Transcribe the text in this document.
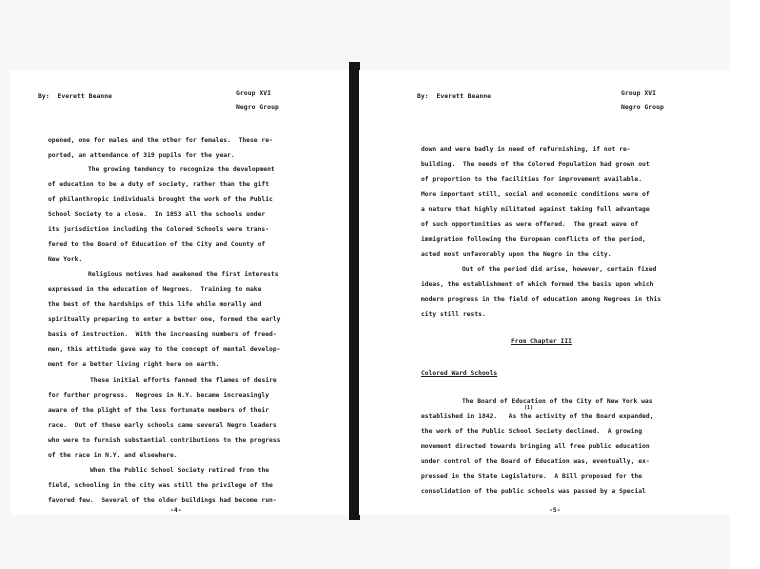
By:  Everett Beanne	Group XVI
Negro Group
opened, one for males and the other for females.  These re-
ported, an attendance of 319 pupils for the year.
The growing tendency to recognize the development
of education to be a duty of society, rather than the gift
of philanthropic individuals brought the work of the Public
School Society to a close.  In 1853 all the schools under
its jurisdiction including the Colored Schools were trans-
fered to the Board of Education of the City and County of
New York.
Religious motives had awakened the first interests
expressed in the education of Negroes.  Training to make
the best of the hardships of this life while morally and
spiritually preparing to enter a better one, formed the early
basis of instruction.  With the increasing numbers of freed-
men, this attitude gave way to the concept of mental develop-
ment for a better living right here on earth.
These initial efforts fanned the flames of desire
for further progress.  Negroes in N.Y. became increasingly
aware of the plight of the less fortunate members of their
race.  Out of these early schools came several Negro leaders
who were to furnish substantial contributions to the progress
of the race in N.Y. and elsewhere.
When the Public School Society retired from the
field, schooling in the city was still the privilege of the
favored few.  Several of the older buildings had become run-
-4-
By:  Everett Beanne	Group XVI
Negro Group
down and were badly in need of refurnishing, if not re-
building.  The needs of the Colored Population had grown out
of proportion to the facilities for improvement available.
More important still, social and economic conditions were of
a nature that highly militated against taking full advantage
of such opportunities as were offered.  The great wave of
immigration following the European conflicts of the period,
acted most unfavorably upon the Negro in the city.
Out of the period did arise, however, certain fixed
ideas, the establishment of which formed the basis upon which
modern progress in the field of education among Negroes in this
city still rests.
From Chapter III
Colored Ward Schools
The Board of Education of the City of New York was
(1)
established in 1842.   As the activity of the Board expanded,
the work of the Public School Society declined.  A growing
movement directed towards bringing all free public education
under control of the Board of Education was, eventually, ex-
pressed in the State Legislature.  A Bill proposed for the
consolidation of the public schools was passed by a Special
-5-
